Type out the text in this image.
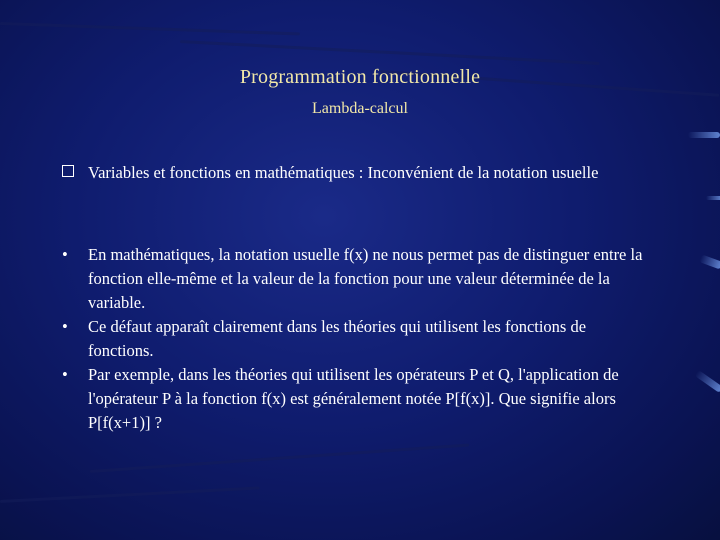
Programmation fonctionnelle
Lambda-calcul
Variables et fonctions en mathématiques : Inconvénient de la notation usuelle
• En mathématiques, la notation usuelle f(x) ne nous permet pas de distinguer entre la fonction elle-même et la valeur de la fonction pour une valeur déterminée de la variable.
• Ce défaut apparaît clairement dans les théories qui utilisent les fonctions de fonctions.
• Par exemple, dans les théories qui utilisent les opérateurs P et Q, l'application de l'opérateur P à la fonction f(x) est généralement notée P[f(x)]. Que signifie alors P[f(x+1)] ?
